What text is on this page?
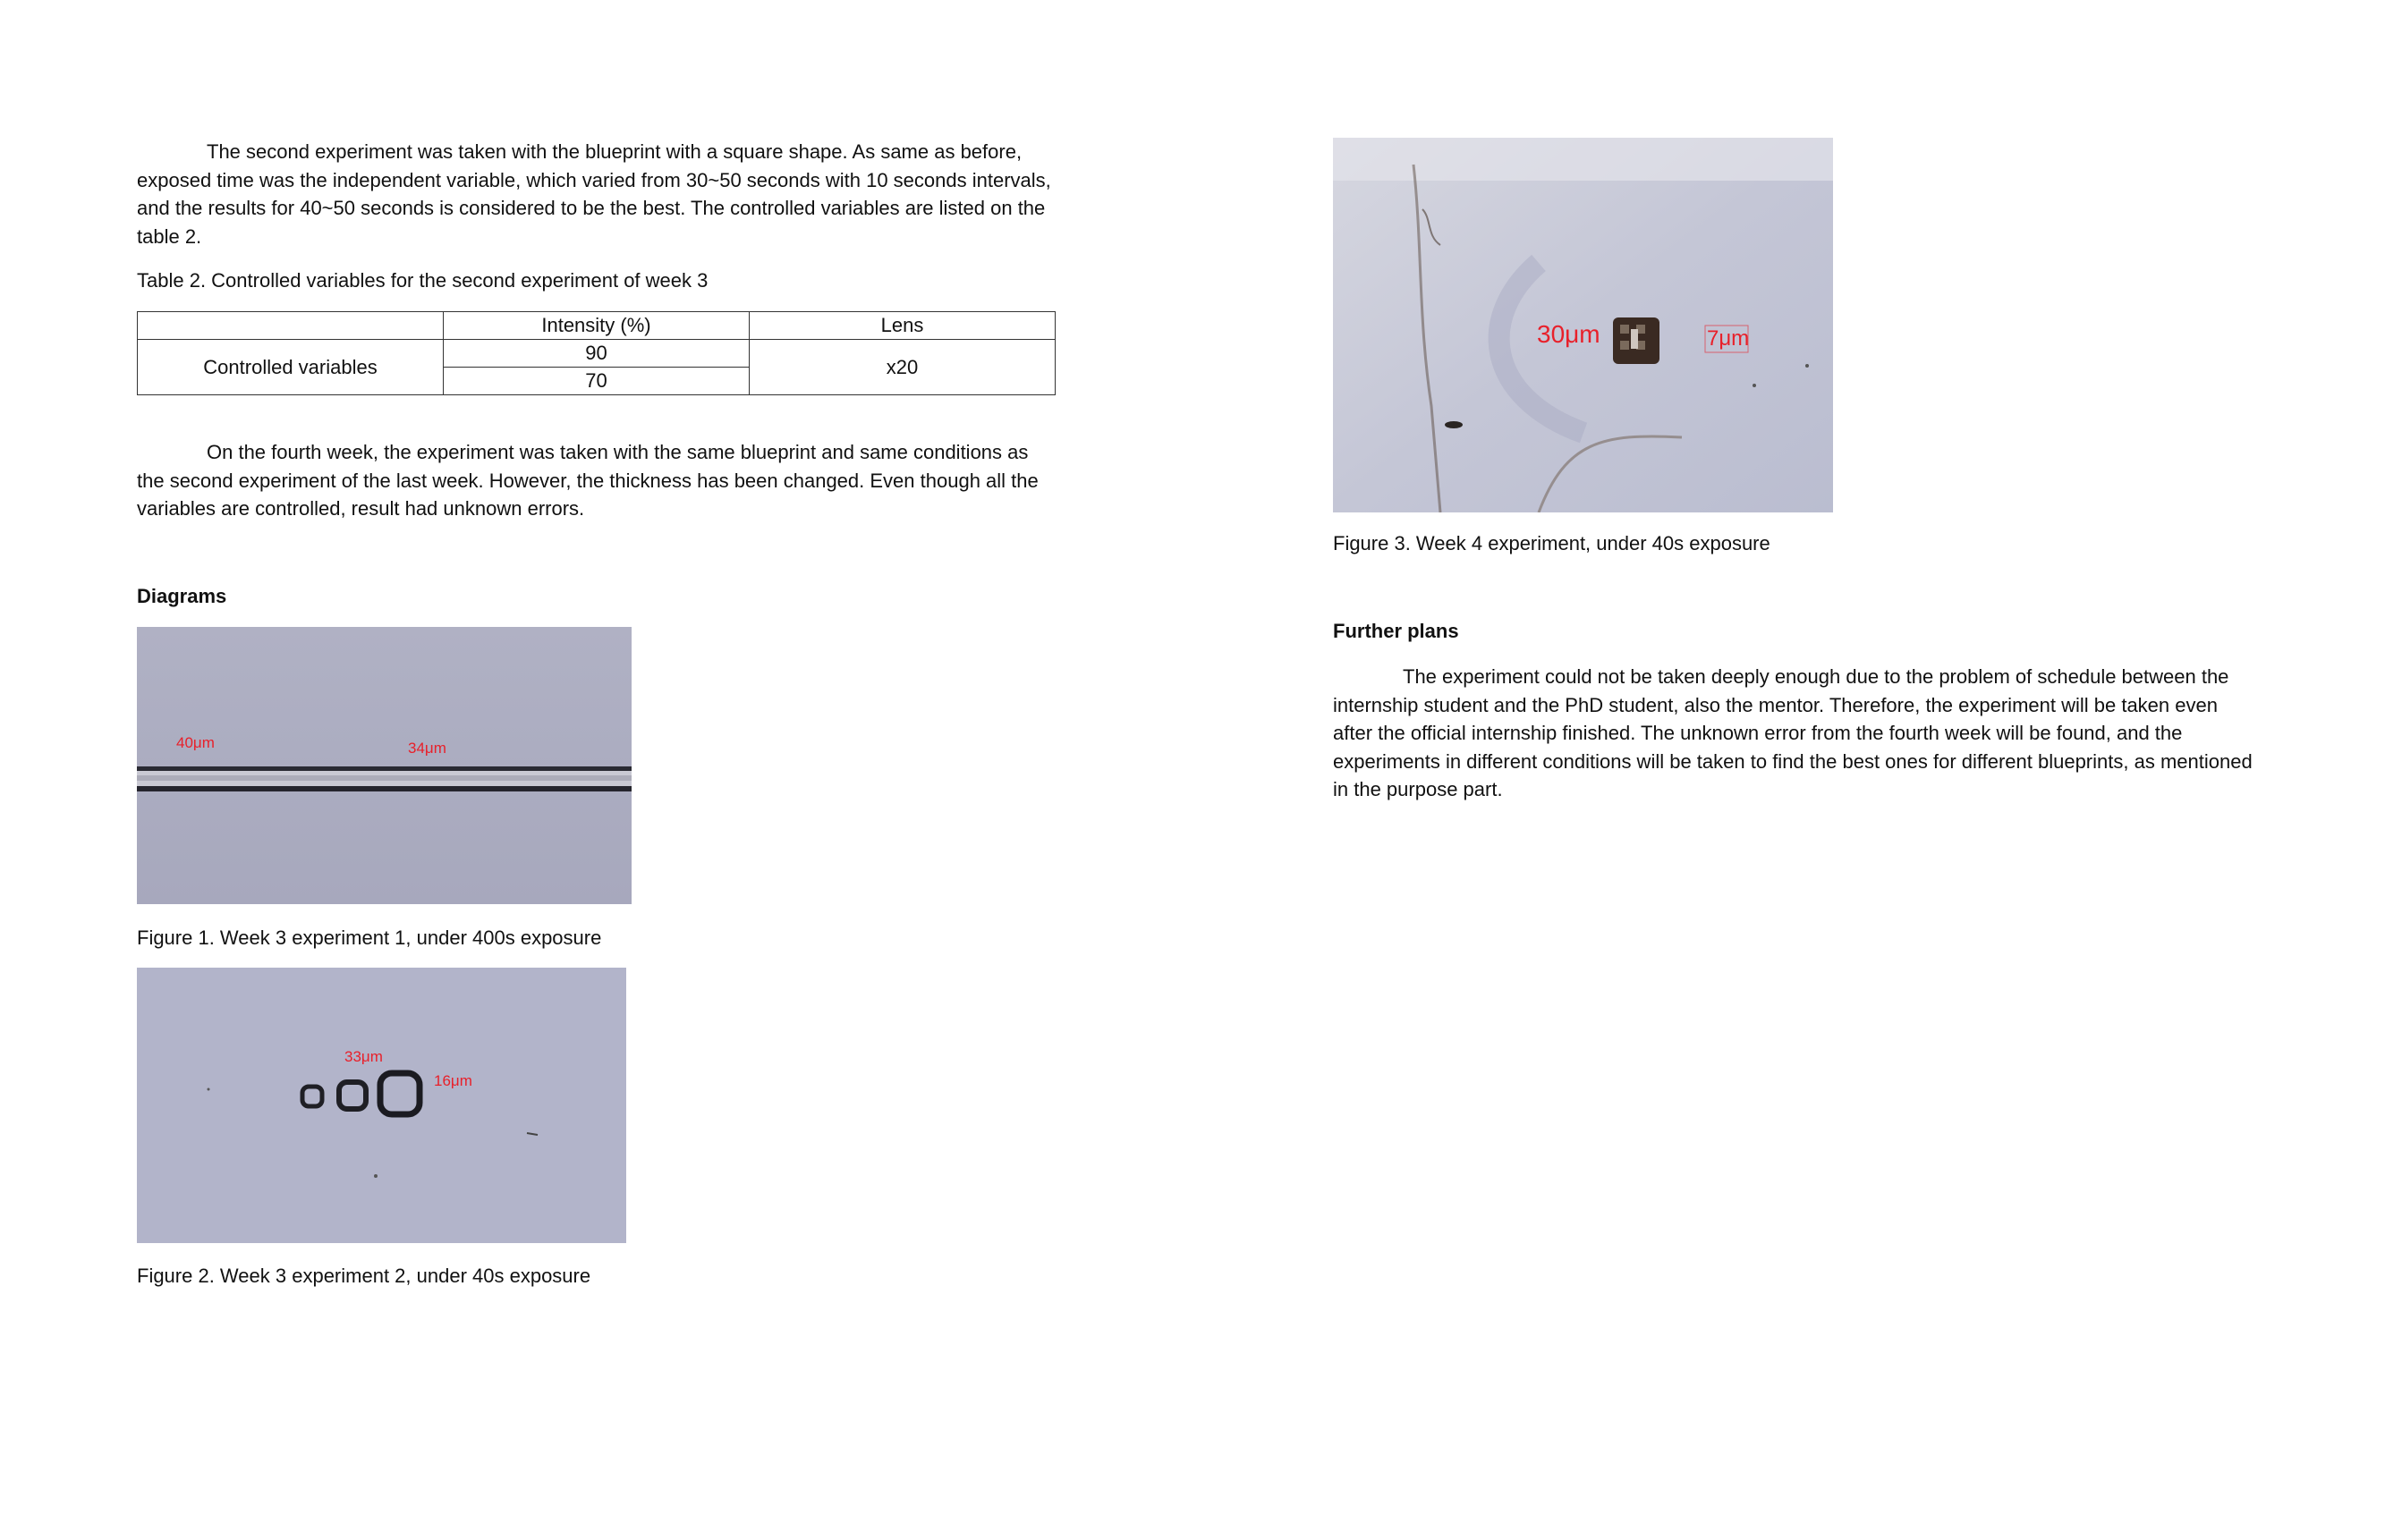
The second experiment was taken with the blueprint with a square shape. As same as before, exposed time was the independent variable, which varied from 30~50 seconds with 10 seconds intervals, and the results for 40~50 seconds is considered to be the best. The controlled variables are listed on the table 2.

Table 2. Controlled variables for the second experiment of week 3

	Intensity (%)	Lens
Controlled variables	90	x20
	70	

On the fourth week, the experiment was taken with the same blueprint and same conditions as the second experiment of the last week. However, the thickness has been changed. Even though all the variables are controlled, result had unknown errors.

Diagrams

40μm	34μm

Figure 1. Week 3 experiment 1, under 400s exposure

33μm
16μm

Figure 2. Week 3 experiment 2, under 40s exposure

30μm	7μm

Figure 3. Week 4 experiment, under 40s exposure

Further plans

The experiment could not be taken deeply enough due to the problem of schedule between the internship student and the PhD student, also the mentor. Therefore, the experiment will be taken even after the official internship finished. The unknown error from the fourth week will be found, and the experiments in different conditions will be taken to find the best ones for different blueprints, as mentioned in the purpose part.
